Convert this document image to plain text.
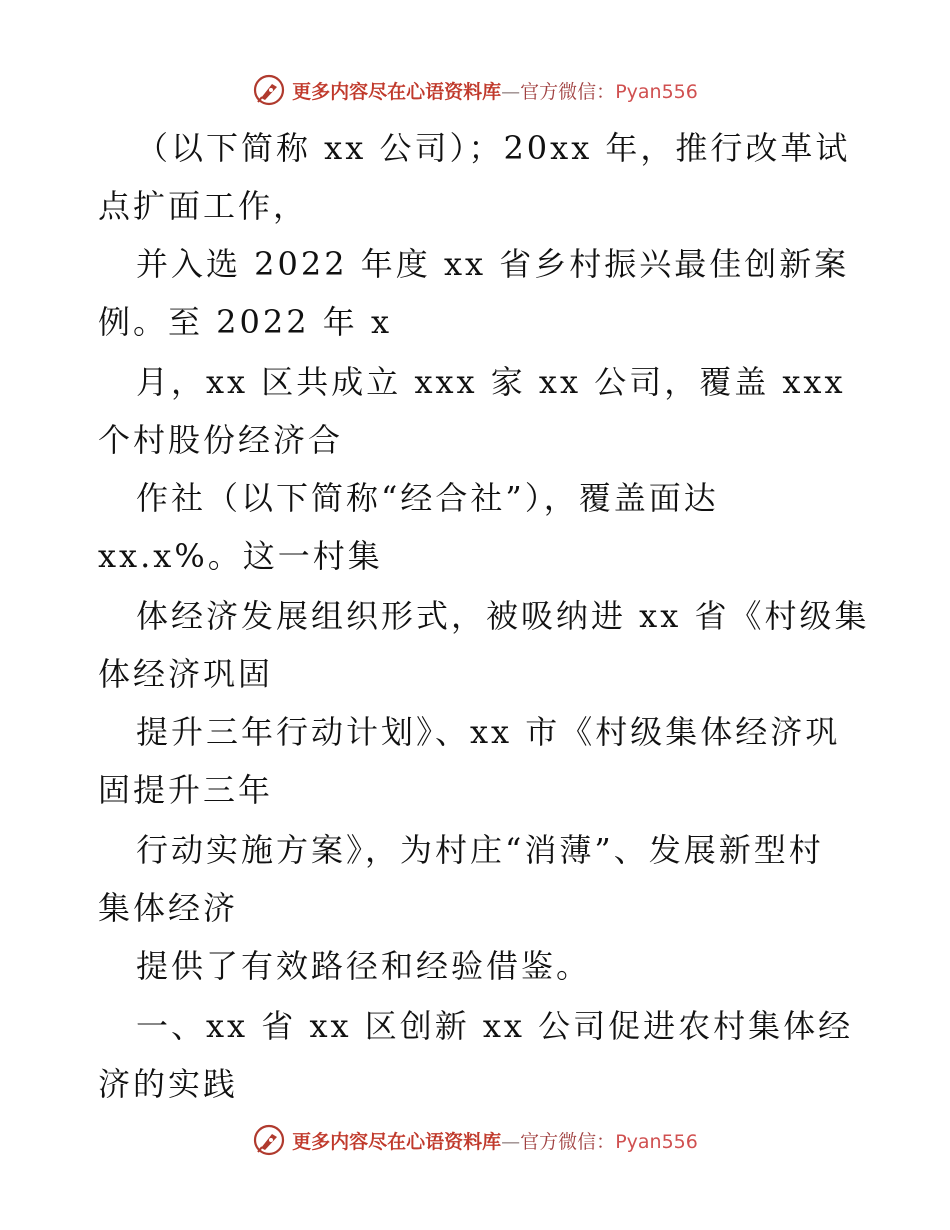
更多内容尽在心语资料库—官方微信：Pyan556
（以下简称 xx 公司）；20xx 年，推行改革试
点扩面工作，
并入选 2022 年度 xx 省乡村振兴最佳创新案
例。至 2022 年 x
月，xx 区共成立 xxx 家 xx 公司，覆盖 xxx
个村股份经济合
作社（以下简称“经合社”），覆盖面达
xx.x%。这一村集
体经济发展组织形式，被吸纳进 xx 省《村级集
体经济巩固
提升三年行动计划》、xx 市《村级集体经济巩
固提升三年
行动实施方案》，为村庄“消薄”、发展新型村
集体经济
提供了有效路径和经验借鉴。
一、xx 省 xx 区创新 xx 公司促进农村集体经
济的实践
更多内容尽在心语资料库—官方微信：Pyan556
